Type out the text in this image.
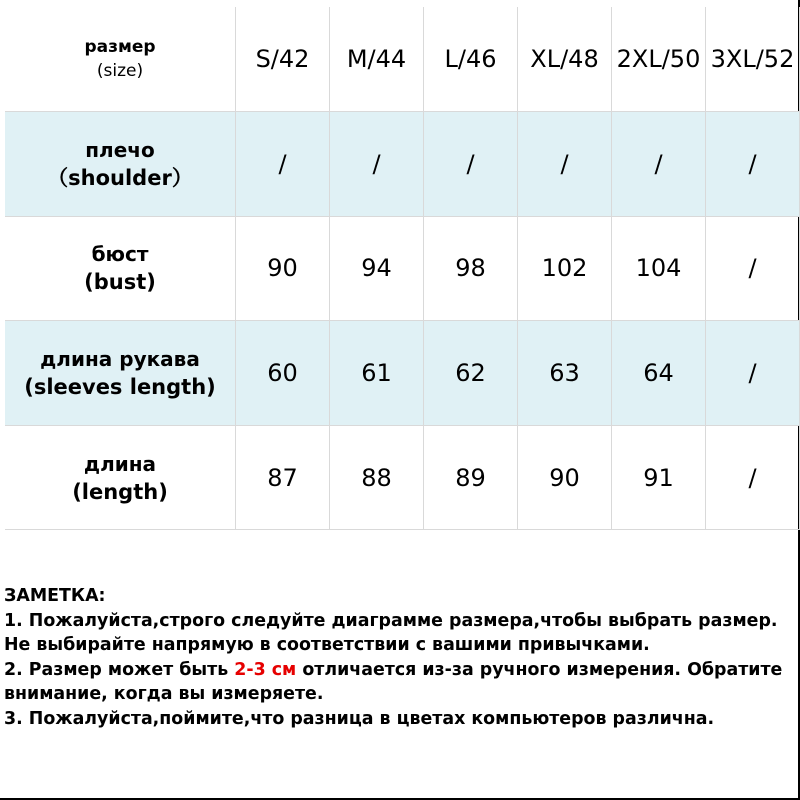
размер
(size)	S/42	M/44	L/46	XL/48	2XL/50	3XL/52

плечо
（shoulder）	/	/	/	/	/	/

бюст
(bust)	90	94	98	102	104	/

длина рукава
(sleeves length)	60	61	62	63	64	/

длина
(length)	87	88	89	90	91	/
ЗАМЕТКА:
1. Пожалуйста,строго следуйте диаграмме размера,чтобы выбрать размер.
Не выбирайте напрямую в соответствии с вашими привычками.
2. Размер может быть 2-3 см отличается из-за ручного измерения. Обратите
внимание, когда вы измеряете.
3. Пожалуйста,поймите,что разница в цветах компьютеров различна.
